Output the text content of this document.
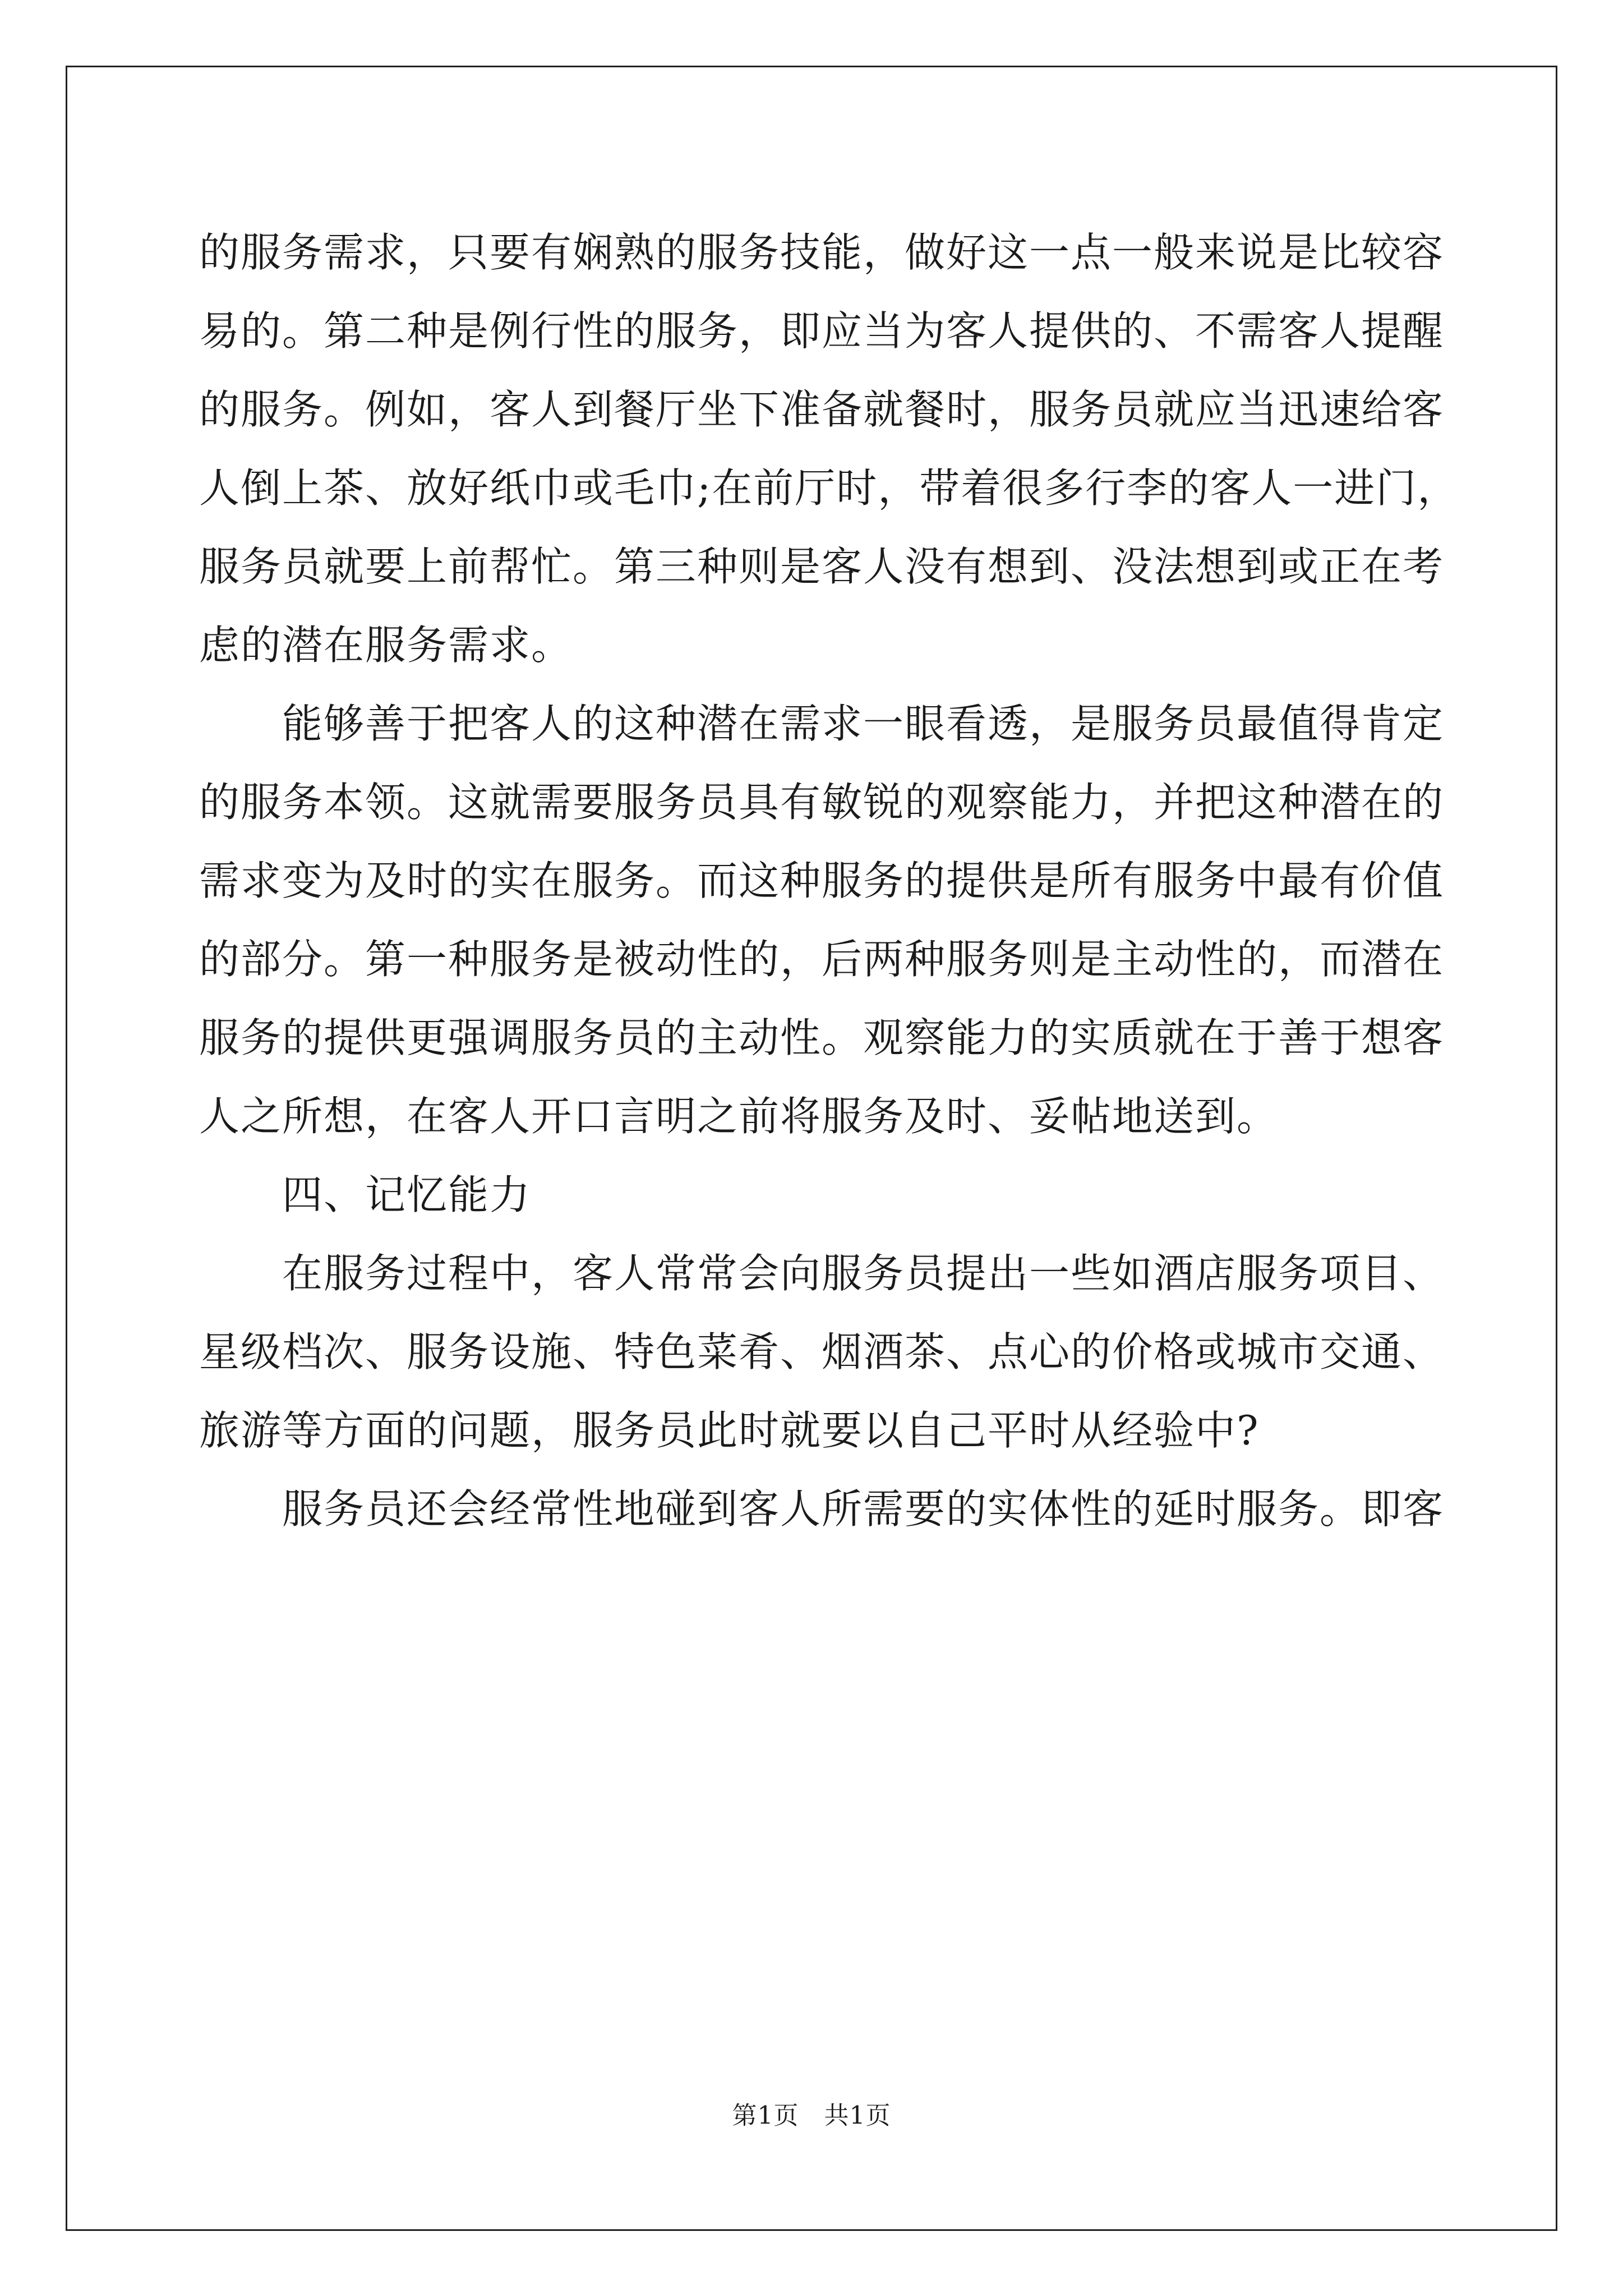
的服务需求，只要有娴熟的服务技能，做好这一点一般来说是比较容
易的。第二种是例行性的服务，即应当为客人提供的、不需客人提醒
的服务。例如，客人到餐厅坐下准备就餐时，服务员就应当迅速给客
人倒上茶、放好纸巾或毛巾;在前厅时，带着很多行李的客人一进门，
服务员就要上前帮忙。第三种则是客人没有想到、没法想到或正在考
虑的潜在服务需求。
能够善于把客人的这种潜在需求一眼看透，是服务员最值得肯定
的服务本领。这就需要服务员具有敏锐的观察能力，并把这种潜在的
需求变为及时的实在服务。而这种服务的提供是所有服务中最有价值
的部分。第一种服务是被动性的，后两种服务则是主动性的，而潜在
服务的提供更强调服务员的主动性。观察能力的实质就在于善于想客
人之所想，在客人开口言明之前将服务及时、妥帖地送到。
四、记忆能力
在服务过程中，客人常常会向服务员提出一些如酒店服务项目、
星级档次、服务设施、特色菜肴、烟酒茶、点心的价格或城市交通、
旅游等方面的问题，服务员此时就要以自己平时从经验中?
服务员还会经常性地碰到客人所需要的实体性的延时服务。即客
第1页　共1页
